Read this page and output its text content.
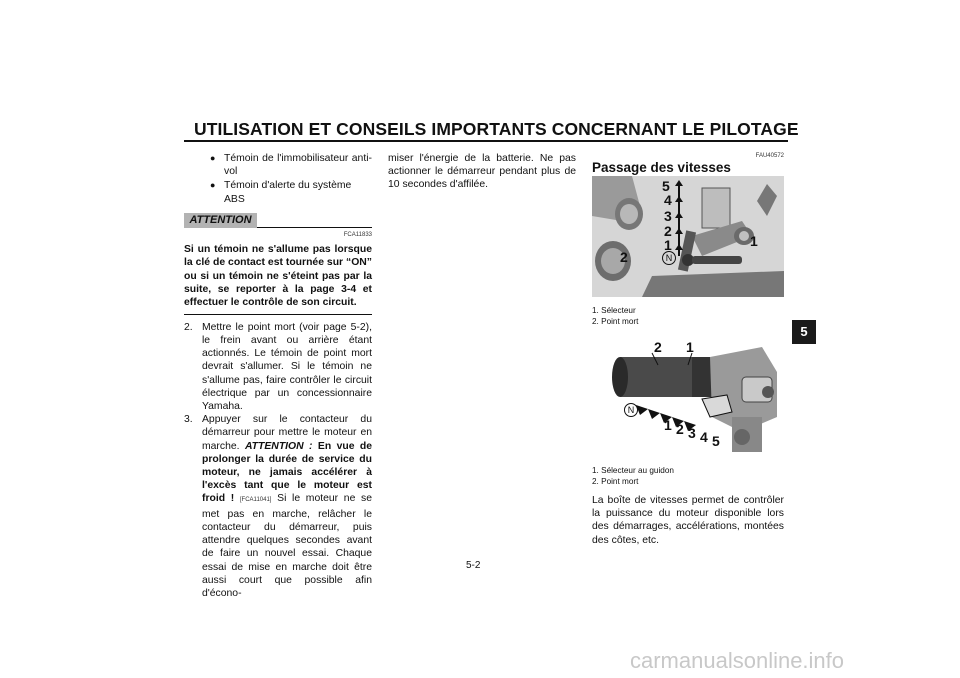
UTILISATION ET CONSEILS IMPORTANTS CONCERNANT LE PILOTAGE
5
● Témoin de l'immobilisateur anti-vol
● Témoin d'alerte du système ABS
ATTENTION
FCA11833
Si un témoin ne s'allume pas lorsque la clé de contact est tournée sur “ON” ou si un témoin ne s'éteint pas par la suite, se reporter à la page 3-4 et effectuer le contrôle de son circuit.
2. Mettre le point mort (voir page 5-2), le frein avant ou arrière étant actionnés. Le témoin de point mort devrait s'allumer. Si le témoin ne s'allume pas, faire contrôler le circuit électrique par un concessionnaire Yamaha.
3. Appuyer sur le contacteur du démarreur pour mettre le moteur en marche. ATTENTION : En vue de prolonger la durée de service du moteur, ne jamais accélérer à l'excès tant que le moteur est froid ! [FCA11041] Si le moteur ne se met pas en marche, relâcher le contacteur du démarreur, puis attendre quelques secondes avant de faire un nouvel essai. Chaque essai de mise en marche doit être aussi court que possible afin d'écono-
miser l'énergie de la batterie. Ne pas actionner le démarreur pendant plus de 10 secondes d'affilée.
FAU40572
Passage des vitesses
5
4
3
2
1
N
1
2
1. Sélecteur
2. Point mort
2 1
N
1 2 3 4 5
1. Sélecteur au guidon
2. Point mort
La boîte de vitesses permet de contrôler la puissance du moteur disponible lors des démarrages, accélérations, montées des côtes, etc.
5-2
carmanualsonline.info
